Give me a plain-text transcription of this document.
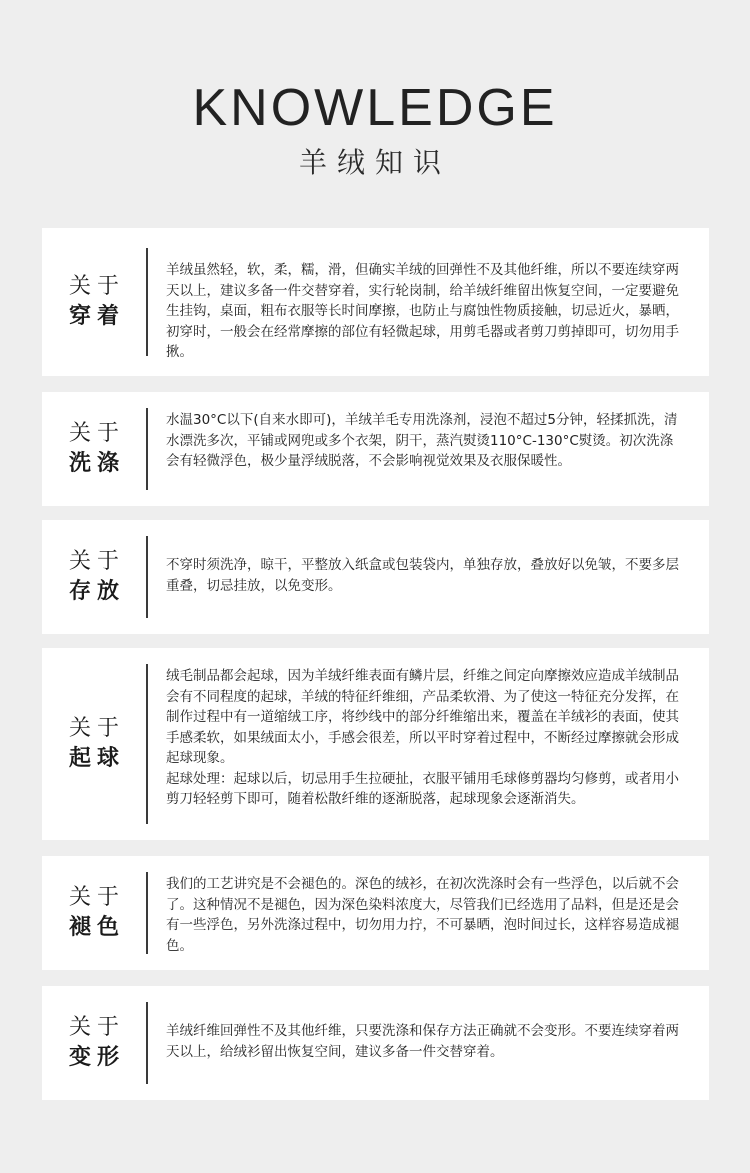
KNOWLEDGE
羊绒知识
关于
穿着

羊绒虽然轻，软，柔，糯，滑，但确实羊绒的回弹性不及其他纤维，所以不要连续穿两天以上，建议多备一件交替穿着，实行轮岗制，给羊绒纤维留出恢复空间，一定要避免生挂钩，桌面，粗布衣服等长时间摩擦，也防止与腐蚀性物质接触，切忌近火，暴晒，初穿时，一般会在经常摩擦的部位有轻微起球，用剪毛器或者剪刀剪掉即可，切勿用手揪。

关于
洗涤

水温30°C以下(自来水即可)，羊绒羊毛专用洗涤剂，浸泡不超过5分钟，轻揉抓洗，清水漂洗多次，平铺或网兜或多个衣架，阴干，蒸汽熨烫110°C-130°C熨烫。初次洗涤会有轻微浮色，极少量浮绒脱落，不会影响视觉效果及衣服保暖性。

关于
存放

不穿时须洗净，晾干，平整放入纸盒或包装袋内，单独存放，叠放好以免皱，不要多层重叠，切忌挂放，以免变形。

关于
起球

绒毛制品都会起球，因为羊绒纤维表面有鳞片层，纤维之间定向摩擦效应造成羊绒制品会有不同程度的起球，羊绒的特征纤维细，产品柔软滑、为了使这一特征充分发挥，在制作过程中有一道缩绒工序，将纱线中的部分纤维缩出来，覆盖在羊绒衫的表面，使其手感柔软，如果绒面太小，手感会很差，所以平时穿着过程中，不断经过摩擦就会形成起球现象。

起球处理：起球以后，切忌用手生拉硬扯，衣服平铺用毛球修剪器均匀修剪，或者用小剪刀轻轻剪下即可，随着松散纤维的逐渐脱落，起球现象会逐渐消失。

关于
褪色

我们的工艺讲究是不会褪色的。深色的绒衫，在初次洗涤时会有一些浮色，以后就不会了。这种情况不是褪色，因为深色染料浓度大，尽管我们已经选用了品料，但是还是会有一些浮色，另外洗涤过程中，切勿用力拧，不可暴晒，泡时间过长，这样容易造成褪色。

关于
变形

羊绒纤维回弹性不及其他纤维，只要洗涤和保存方法正确就不会变形。不要连续穿着两天以上，给绒衫留出恢复空间，建议多备一件交替穿着。
